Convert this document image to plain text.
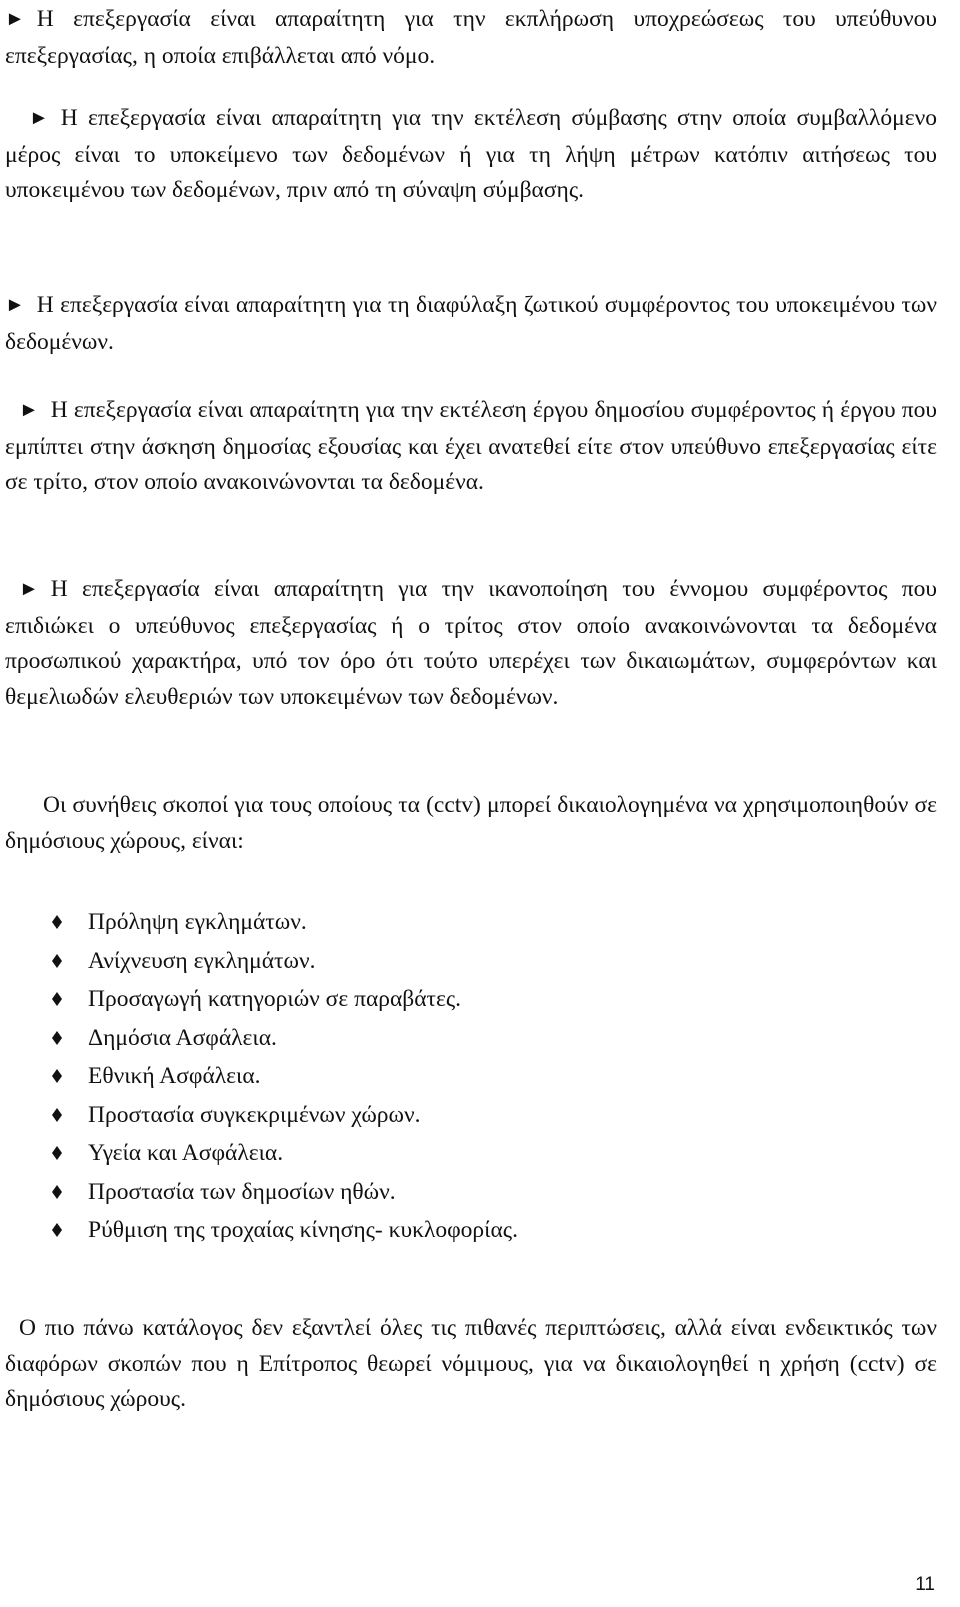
► Η επεξεργασία είναι απαραίτητη για την εκπλήρωση υποχρεώσεως του υπεύθυνου επεξεργασίας, η οποία επιβάλλεται από νόμο.

► Η επεξεργασία είναι απαραίτητη για την εκτέλεση σύμβασης στην οποία συμβαλλόμενο μέρος είναι το υποκείμενο των δεδομένων ή για τη λήψη μέτρων κατόπιν αιτήσεως του υποκειμένου των δεδομένων, πριν από τη σύναψη σύμβασης.

► Η επεξεργασία είναι απαραίτητη για τη διαφύλαξη ζωτικού συμφέροντος του υποκειμένου των δεδομένων.

► Η επεξεργασία είναι απαραίτητη για την εκτέλεση έργου δημοσίου συμφέροντος ή έργου που εμπίπτει στην άσκηση δημοσίας εξουσίας και έχει ανατεθεί είτε στον υπεύθυνο επεξεργασίας είτε σε τρίτο, στον οποίο ανακοινώνονται τα δεδομένα.

► Η επεξεργασία είναι απαραίτητη για την ικανοποίηση του έννομου συμφέροντος που επιδιώκει ο υπεύθυνος επεξεργασίας ή ο τρίτος στον οποίο ανακοινώνονται τα δεδομένα προσωπικού χαρακτήρα, υπό τον όρο ότι τούτο υπερέχει των δικαιωμάτων, συμφερόντων και θεμελιωδών ελευθεριών των υποκειμένων των δεδομένων.

Οι συνήθεις σκοποί για τους οποίους τα (cctv) μπορεί δικαιολογημένα να χρησιμοποιηθούν σε δημόσιους χώρους, είναι:

Πρόληψη εγκλημάτων.
Ανίχνευση εγκλημάτων.
Προσαγωγή κατηγοριών σε παραβάτες.
Δημόσια Ασφάλεια.
Εθνική Ασφάλεια.
Προστασία συγκεκριμένων χώρων.
Υγεία και Ασφάλεια.
Προστασία των δημοσίων ηθών.
Ρύθμιση της τροχαίας κίνησης- κυκλοφορίας.

Ο πιο πάνω κατάλογος δεν εξαντλεί όλες τις πιθανές περιπτώσεις, αλλά είναι ενδεικτικός των διαφόρων σκοπών που η Επίτροπος θεωρεί νόμιμους, για να δικαιολογηθεί η χρήση (cctv) σε δημόσιους χώρους.

11
